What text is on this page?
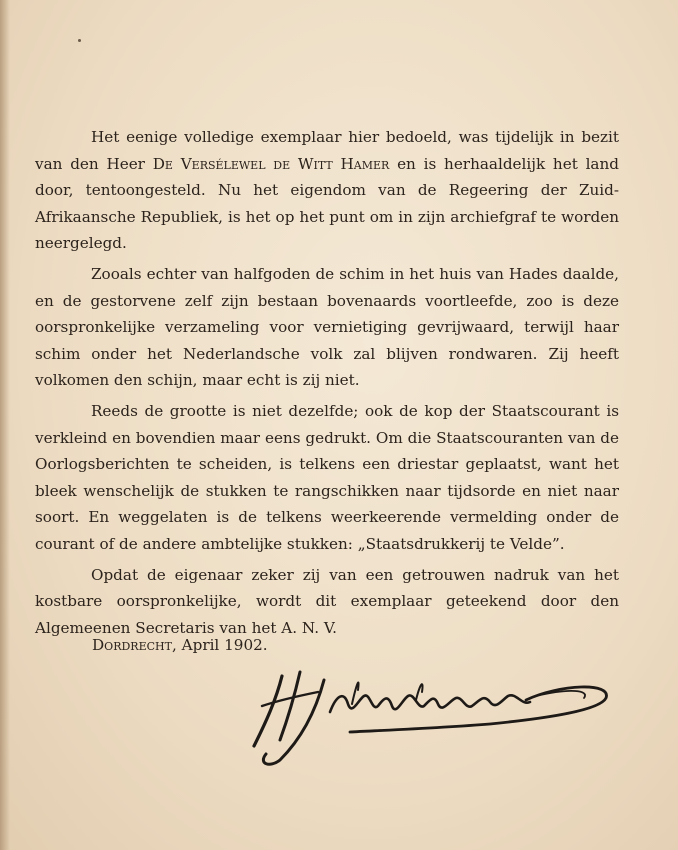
Het eenige volledige exemplaar hier bedoeld, was tijdelijk in bezit van den Heer De Versélewel de Witt Hamer en is herhaaldelijk het land door, tentoongesteld. Nu het eigendom van de Regeering der Zuid-Afrikaansche Republiek, is het op het punt om in zijn archiefgraf te worden neergelegd.

Zooals echter van halfgoden de schim in het huis van Hades daalde, en de gestorvene zelf zijn bestaan bovenaards voortleefde, zoo is deze oorspronkelijke verzameling voor vernietiging gevrijwaard, terwijl haar schim onder het Nederlandsche volk zal blijven rondwaren. Zij heeft volkomen den schijn, maar echt is zij niet.

Reeds de grootte is niet dezelfde; ook de kop der Staatscourant is verkleind en bovendien maar eens gedrukt. Om die Staatscouranten van de Oorlogsberichten te scheiden, is telkens een driestar geplaatst, want het bleek wenschelijk de stukken te rangschikken naar tijdsorde en niet naar soort. En weggelaten is de telkens weerkeerende vermelding onder de courant of de andere ambtelijke stukken: „Staatsdrukkerij te Velde”.

Opdat de eigenaar zeker zij van een getrouwen nadruk van het kostbare oorspronkelijke, wordt dit exemplaar geteekend door den Algemeenen Secretaris van het A. N. V.

Dordrecht, April 1902.
